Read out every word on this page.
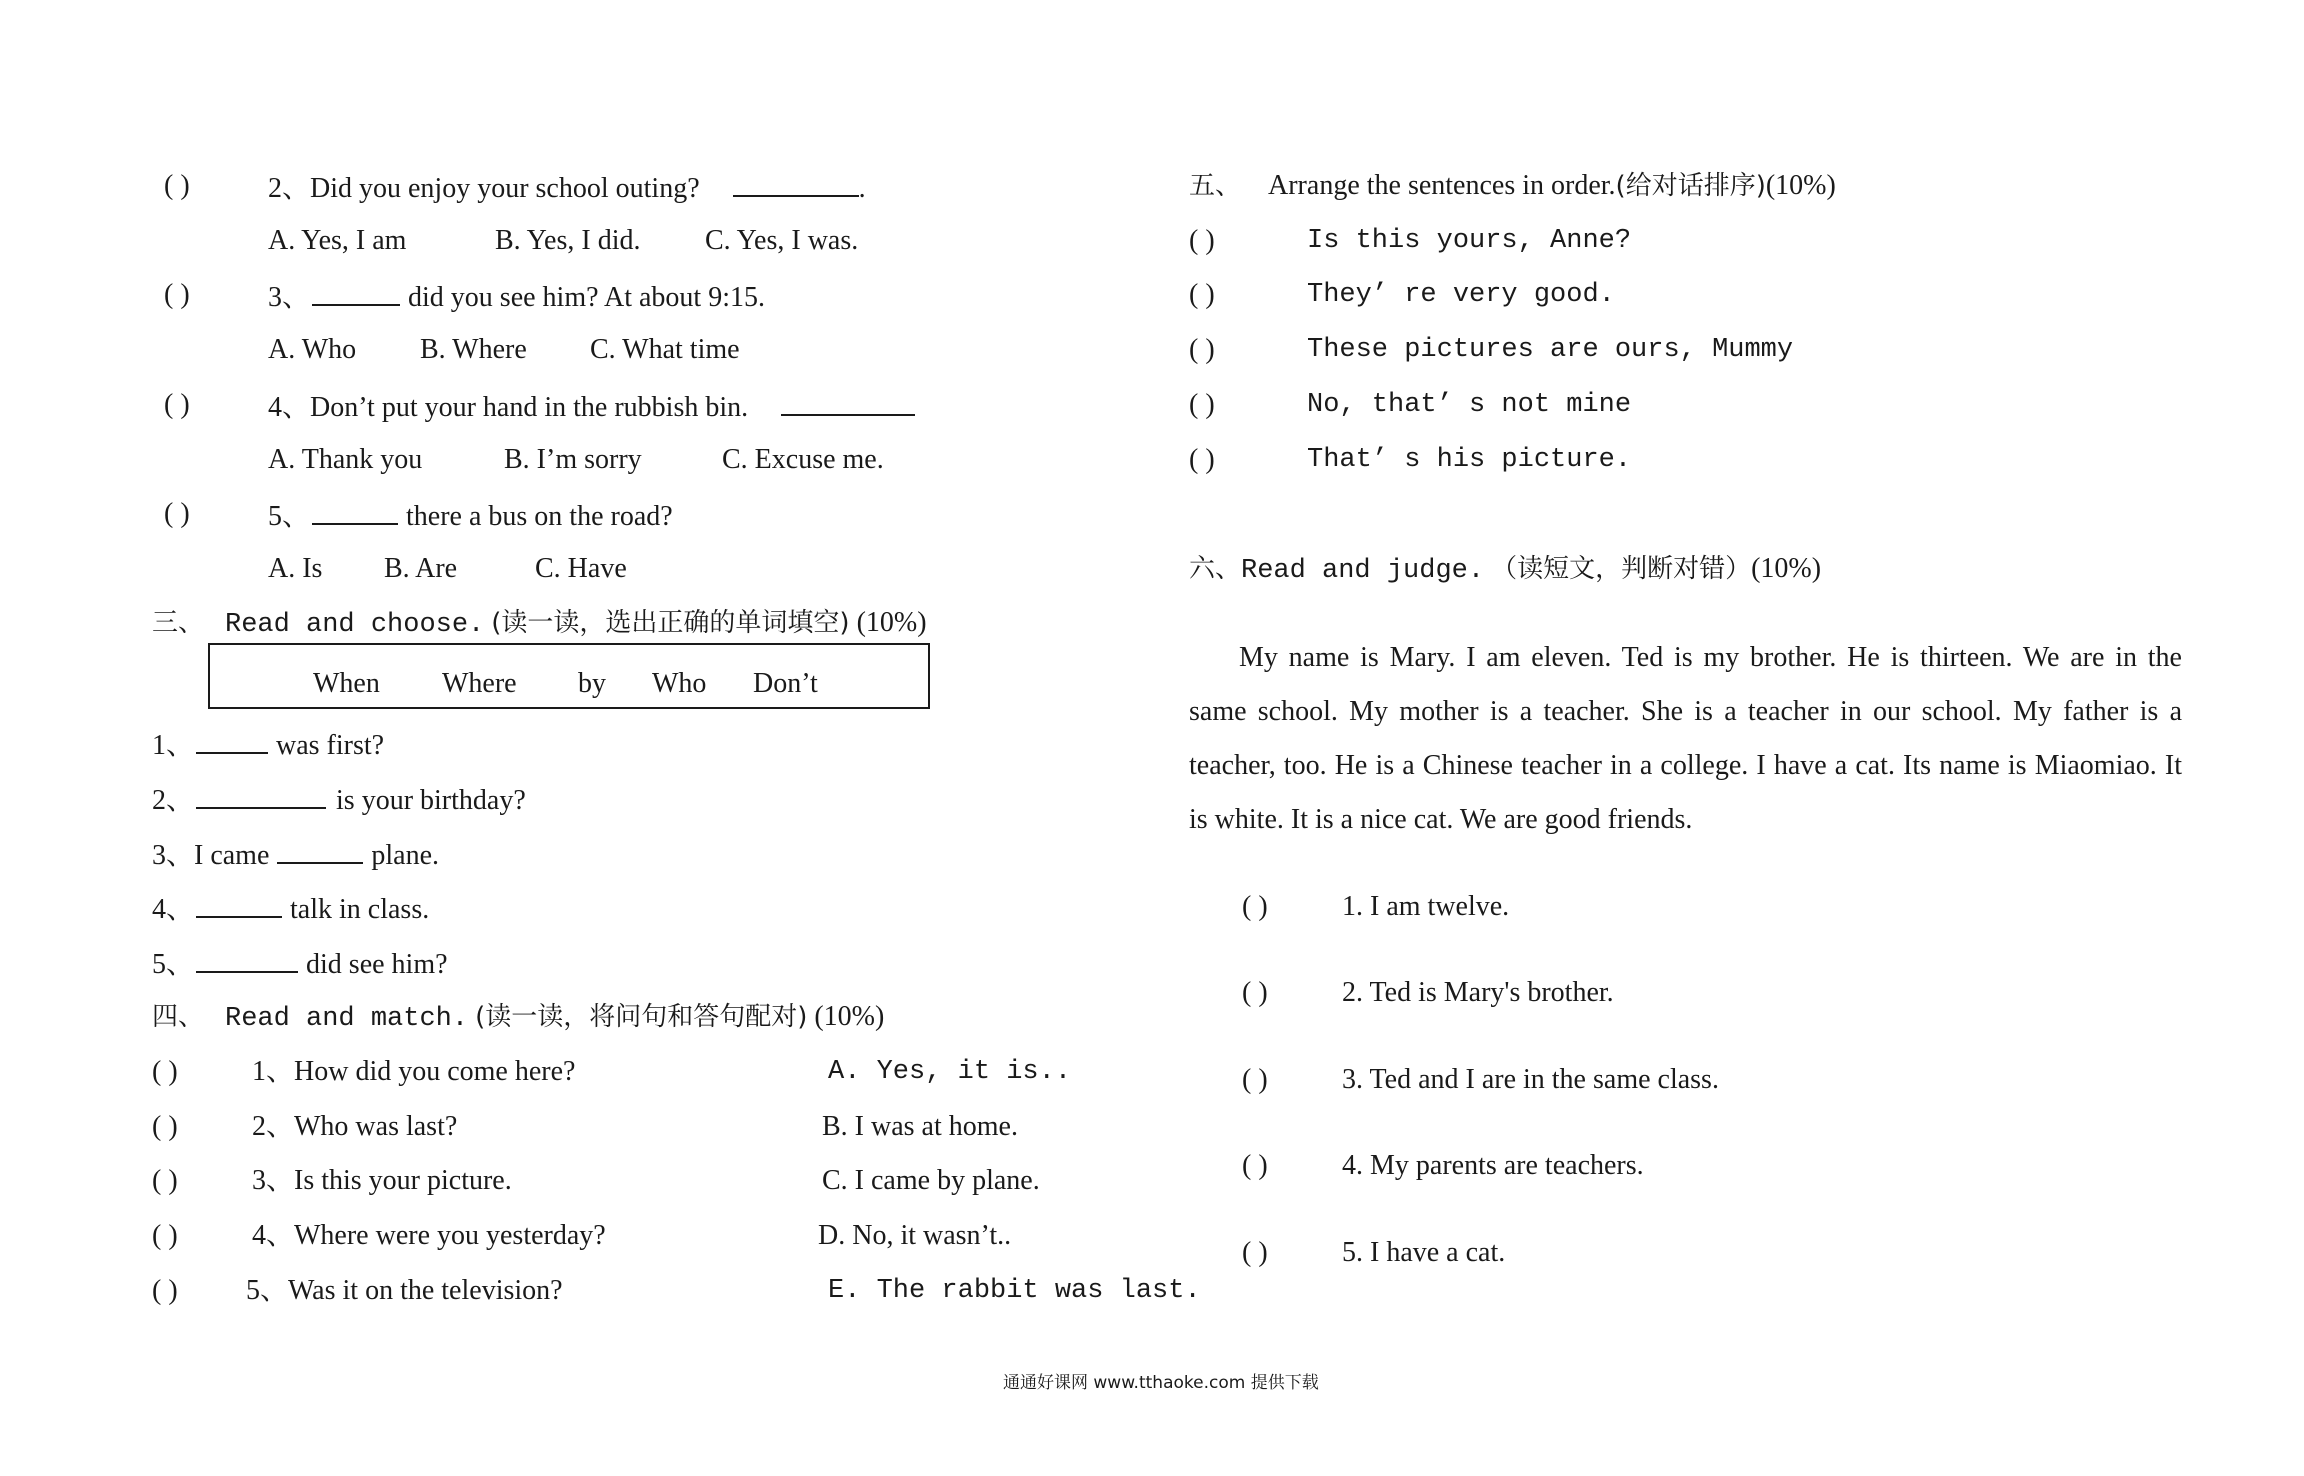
( )	2、Did you enjoy your school outing?	.
A. Yes, I am	B. Yes, I did. C. Yes, I was.
( )	3、	did you see him? At about 9:15.
A. Who B. Where C. What time
( )	4、Don’t put your hand in the rubbish bin.
A. Thank you	B. I’m sorry	C. Excuse me.
( )	5、	there a bus on the road?
A. Is B. Are	C. Have
三、 Read and choose. (读一读，选出正确的单词填空) (10%)
When Where by Who Don’t
1、	was first?
2、	is your birthday?
3、I came	plane.
4、	talk in class.
5、	did see him?
四、 Read and match. (读一读，将问句和答句配对) (10%)
( )	1、How did you come here?	A. Yes, it is..
( )	2、Who was last?	B. I was at home.
( )	3、Is this your picture.	C. I came by plane.
( )	4、Where were you yesterday?	D. No, it wasn’t..
( ) 5、Was it on the television?	E. The rabbit was last.
五、 Arrange the sentences in order.(给对话排序)(10%)
( )	Is this yours, Anne?
( )	They’ re very good.
( )	These pictures are ours, Mummy
( )	No, that’ s not mine
( )	That’ s his picture.
六、Read and judge. （读短文，判断对错）(10%)
My name is Mary. I am eleven. Ted is my brother. He is thirteen. We are in the same school. My mother is a teacher. She is a teacher in our school. My father is a teacher, too. He is a Chinese teacher in a college. I have a cat. Its name is Miaomiao. It is white. It is a nice cat. We are good friends.
( )	1. I am twelve.
( )	2. Ted is Mary's brother.
( )	3. Ted and I are in the same class.
( )	4. My parents are teachers.
( )	5. I have a cat.
通通好课网 www.tthaoke.com 提供下载
